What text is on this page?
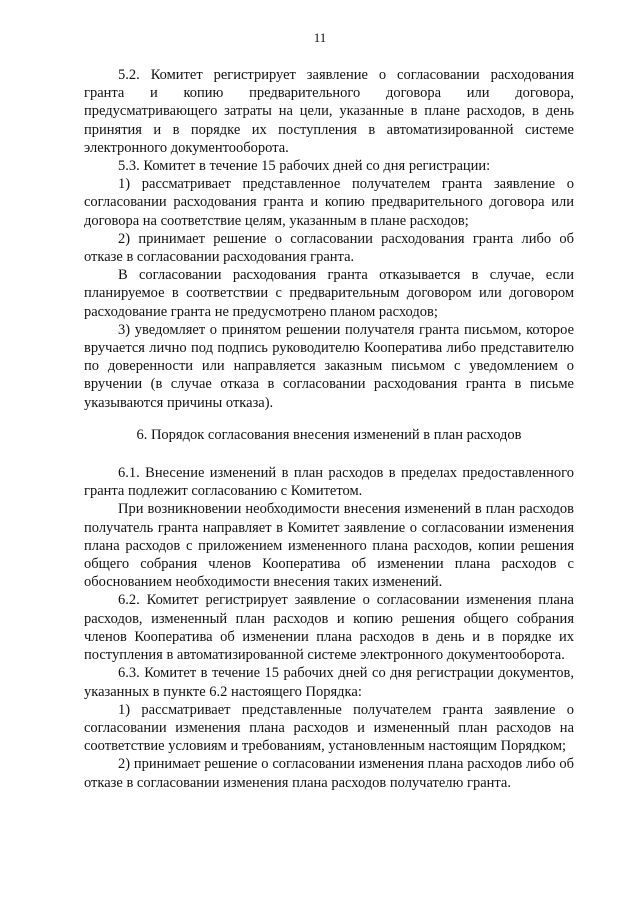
11

5.2. Комитет регистрирует заявление о согласовании расходования гранта и копию предварительного договора или договора, предусматривающего затраты на цели, указанные в плане расходов, в день принятия и в порядке их поступления в автоматизированной системе электронного документооборота.

5.3. Комитет в течение 15 рабочих дней со дня регистрации:

1) рассматривает представленное получателем гранта заявление о согласовании расходования гранта и копию предварительного договора или договора на соответствие целям, указанным в плане расходов;

2) принимает решение о согласовании расходования гранта либо об отказе в согласовании расходования гранта.

В согласовании расходования гранта отказывается в случае, если планируемое в соответствии с предварительным договором или договором расходование гранта не предусмотрено планом расходов;

3) уведомляет о принятом решении получателя гранта письмом, которое вручается лично под подпись руководителю Кооператива либо представителю по доверенности или направляется заказным письмом с уведомлением о вручении (в случае отказа в согласовании расходования гранта в письме указываются причины отказа).

6. Порядок согласования внесения изменений в план расходов

6.1. Внесение изменений в план расходов в пределах предоставленного гранта подлежит согласованию с Комитетом.

При возникновении необходимости внесения изменений в план расходов получатель гранта направляет в Комитет заявление о согласовании изменения плана расходов с приложением измененного плана расходов, копии решения общего собрания членов Кооператива об изменении плана расходов с обоснованием необходимости внесения таких изменений.

6.2. Комитет регистрирует заявление о согласовании изменения плана расходов, измененный план расходов и копию решения общего собрания членов Кооператива об изменении плана расходов в день и в порядке их поступления в автоматизированной системе электронного документооборота.

6.3. Комитет в течение 15 рабочих дней со дня регистрации документов, указанных в пункте 6.2 настоящего Порядка:

1) рассматривает представленные получателем гранта заявление о согласовании изменения плана расходов и измененный план расходов на соответствие условиям и требованиям, установленным настоящим Порядком;

2) принимает решение о согласовании изменения плана расходов либо об отказе в согласовании изменения плана расходов получателю гранта.
